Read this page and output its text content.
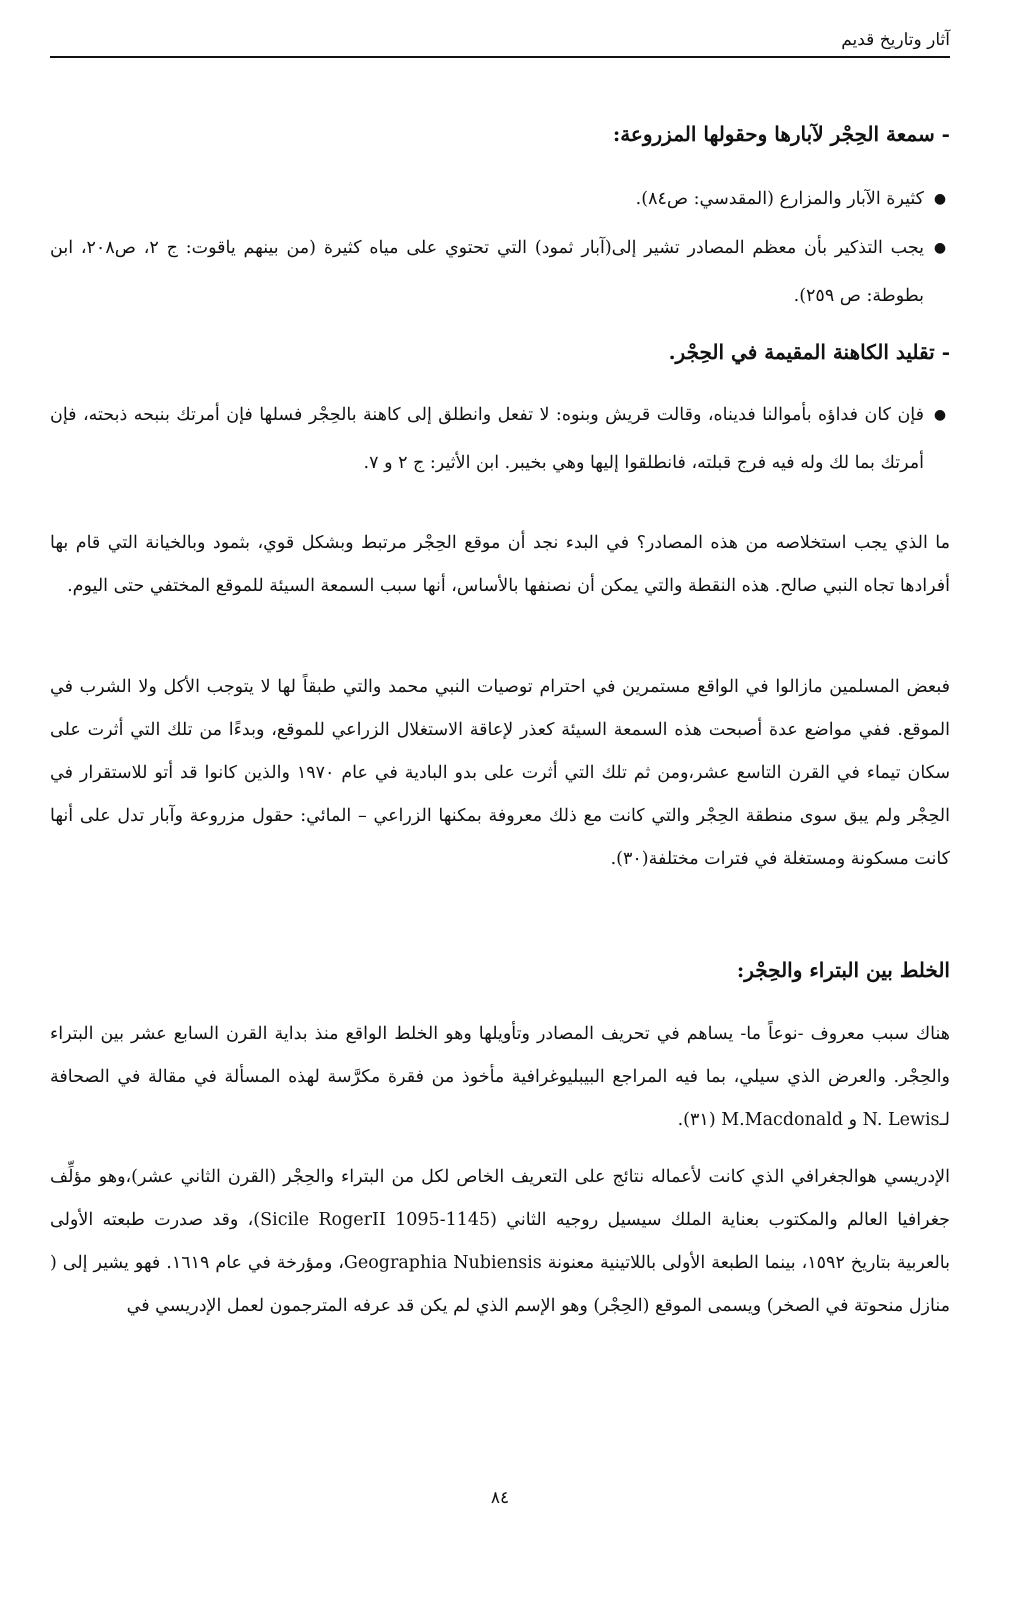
آثار وتاريخ قديم
- سمعة الحِجْر لآبارها وحقولها المزروعة:
●
كثيرة الآبار والمزارع (المقدسي: ص٨٤).
●
يجب التذكير بأن معظم المصادر تشير إلى(آبار ثمود) التي تحتوي على مياه كثيرة (من بينهم ياقوت: ج ٢، ص٢٠٨، ابن بطوطة: ص ٢٥٩).
- تقليد الكاهنة المقيمة في الحِجْر.
●
فإن كان فداؤه بأموالنا فديناه، وقالت قريش وبنوه: لا تفعل وانطلق إلى كاهنة بالحِجْر فسلها فإن أمرتك بنبحه ذبحته، فإن أمرتك بما لك وله فيه فرج قبلته، فانطلقوا إليها وهي بخيبر. ابن الأثير: ج ٢ و ٧.

ما الذي يجب استخلاصه من هذه المصادر؟ في البدء نجد أن موقع الحِجْر مرتبط وبشكل قوي، بثمود وبالخيانة التي قام بها أفرادها تجاه النبي صالح. هذه النقطة والتي يمكن أن نصنفها بالأساس، أنها سبب السمعة السيئة للموقع المختفي حتى اليوم.

فبعض المسلمين مازالوا في الواقع مستمرين في احترام توصيات النبي محمد والتي طبقاً لها لا يتوجب الأكل ولا الشرب في الموقع. ففي مواضع عدة أصبحت هذه السمعة السيئة كعذر لإعاقة الاستغلال الزراعي للموقع، وبدءًا من تلك التي أثرت على سكان تيماء في القرن التاسع عشر،ومن ثم تلك التي أثرت على بدو البادية في عام ١٩٧٠ والذين كانوا قد أتو للاستقرار في الحِجْر ولم يبق سوى منطقة الحِجْر والتي كانت مع ذلك معروفة بمكنها الزراعي – المائي: حقول مزروعة وآبار تدل على أنها كانت مسكونة ومستغلة في فترات مختلفة(٣٠).

الخلط بين البتراء والحِجْر:

هناك سبب معروف -نوعاً ما- يساهم في تحريف المصادر وتأويلها وهو الخلط الواقع منذ بداية القرن السابع عشر بين البتراء والحِجْر. والعرض الذي سيلي، بما فيه المراجع البيبليوغرافية مأخوذ من فقرة مكرَّسة لهذه المسألة في مقالة في الصحافة لـN. Lewis و M.Macdonald (٣١).

الإدريسي هوالجغرافي الذي كانت لأعماله نتائج على التعريف الخاص لكل من البتراء والحِجْر (القرن الثاني عشر)،وهو مؤلِّف جغرافيا العالم والمكتوب بعناية الملك سيسيل روجيه الثاني (1145-1095 Sicile RogerII)، وقد صدرت طبعته الأولى بالعربية بتاريخ ١٥٩٢، بينما الطبعة الأولى باللاتينية معنونة Geographia Nubiensis، ومؤرخة في عام ١٦١٩. فهو يشير إلى ( منازل منحوتة في الصخر) ويسمى الموقع (الحِجْر) وهو الإسم الذي لم يكن قد عرفه المترجمون لعمل الإدريسي في

٨٤
